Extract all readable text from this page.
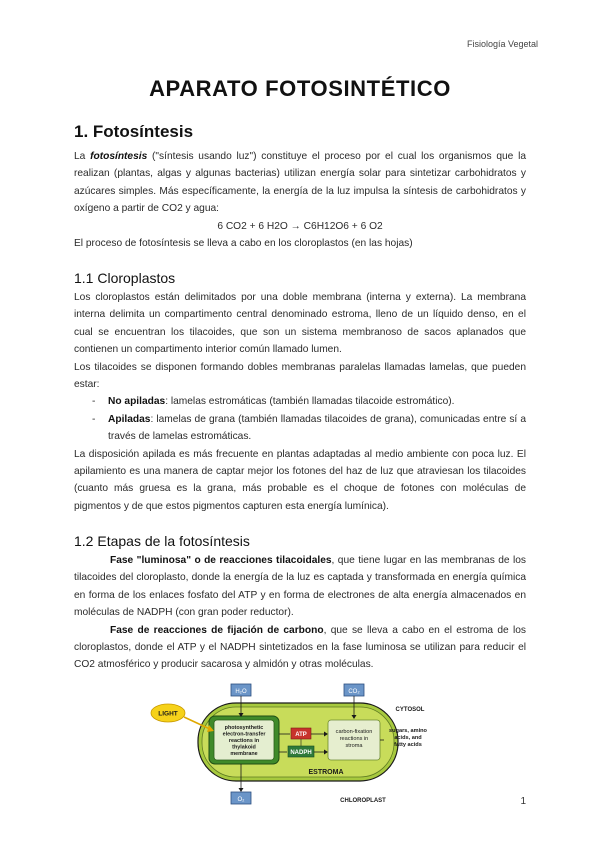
Fisiología Vegetal
APARATO FOTOSINTÉTICO
1. Fotosíntesis

La fotosíntesis ("síntesis usando luz") constituye el proceso por el cual los organismos que la realizan (plantas, algas y algunas bacterias) utilizan energía solar para sintetizar carbohidratos y azúcares simples. Más específicamente, la energía de la luz impulsa la síntesis de carbohidratos y oxígeno a partir de CO2 y agua:

6 CO2 + 6 H2O → C6H12O6 + 6 O2

El proceso de fotosíntesis se lleva a cabo en los cloroplastos (en las hojas)

1.1 Cloroplastos

Los cloroplastos están delimitados por una doble membrana (interna y externa). La membrana interna delimita un compartimento central denominado estroma, lleno de un líquido denso, en el cual se encuentran los tilacoides, que son un sistema membranoso de sacos aplanados que contienen un compartimento interior común llamado lumen.

Los tilacoides se disponen formando dobles membranas paralelas llamadas lamelas, que pueden estar:

- No apiladas: lamelas estromáticas (también llamadas tilacoide estromático).

- Apiladas: lamelas de grana (también llamadas tilacoides de grana), comunicadas entre sí a través de lamelas estromáticas.

La disposición apilada es más frecuente en plantas adaptadas al medio ambiente con poca luz. El apilamiento es una manera de captar mejor los fotones del haz de luz que atraviesan los tilacoides (cuanto más gruesa es la grana, más probable es el choque de fotones con moléculas de pigmentos y de que estos pigmentos capturen esta energía lumínica).

1.2 Etapas de la fotosíntesis

Fase "luminosa" o de reacciones tilacoidales, que tiene lugar en las membranas de los tilacoides del cloroplasto, donde la energía de la luz es captada y transformada en energía química en forma de los enlaces fosfato del ATP y en forma de electrones de alta energía almacenados en moléculas de NADPH (con gran poder reductor).

Fase de reacciones de fijación de carbono, que se lleva a cabo en el estroma de los cloroplastos, donde el ATP y el NADPH sintetizados en la fase luminosa se utilizan para reducir el CO2 atmosférico y producir sacarosa y almidón y otras moléculas.

H₂O	CO₂
O₂
LIGHT
CYTOSOL
photosynthetic
electron-transfer
reactions in
thylakoid
membrane
ATP
NADPH
carbon-fixation
reactions in
stroma
sugars, amino
acids, and
fatty acids
ESTROMA
CHLOROPLAST	1
